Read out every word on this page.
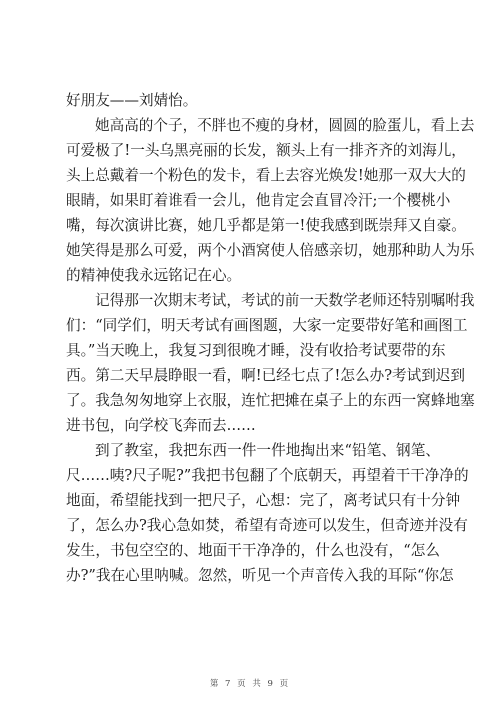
好朋友——刘婧怡。
她高高的个子，不胖也不瘦的身材，圆圆的脸蛋儿，看上去
可爱极了!一头乌黑亮丽的长发，额头上有一排齐齐的刘海儿，
头上总戴着一个粉色的发卡，看上去容光焕发!她那一双大大的
眼睛，如果盯着谁看一会儿，他肯定会直冒冷汗;一个樱桃小
嘴，每次演讲比赛，她几乎都是第一!使我感到既崇拜又自豪。
她笑得是那么可爱，两个小酒窝使人倍感亲切，她那种助人为乐
的精神使我永远铭记在心。
记得那一次期末考试，考试的前一天数学老师还特别嘱咐我
们：“同学们，明天考试有画图题，大家一定要带好笔和画图工
具。”当天晚上，我复习到很晚才睡，没有收拾考试要带的东
西。第二天早晨睁眼一看，啊!已经七点了!怎么办?考试到迟到
了。我急匆匆地穿上衣服，连忙把摊在桌子上的东西一窝蜂地塞
进书包，向学校飞奔而去……
到了教室，我把东西一件一件地掏出来“铅笔、钢笔、
尺……咦?尺子呢?”我把书包翻了个底朝天，再望着干干净净的
地面，希望能找到一把尺子，心想：完了，离考试只有十分钟
了，怎么办?我心急如焚，希望有奇迹可以发生，但奇迹并没有
发生，书包空空的、地面干干净净的，什么也没有，“怎么
办?”我在心里呐喊。忽然，听见一个声音传入我的耳际“你怎
第 7 页 共 9 页
